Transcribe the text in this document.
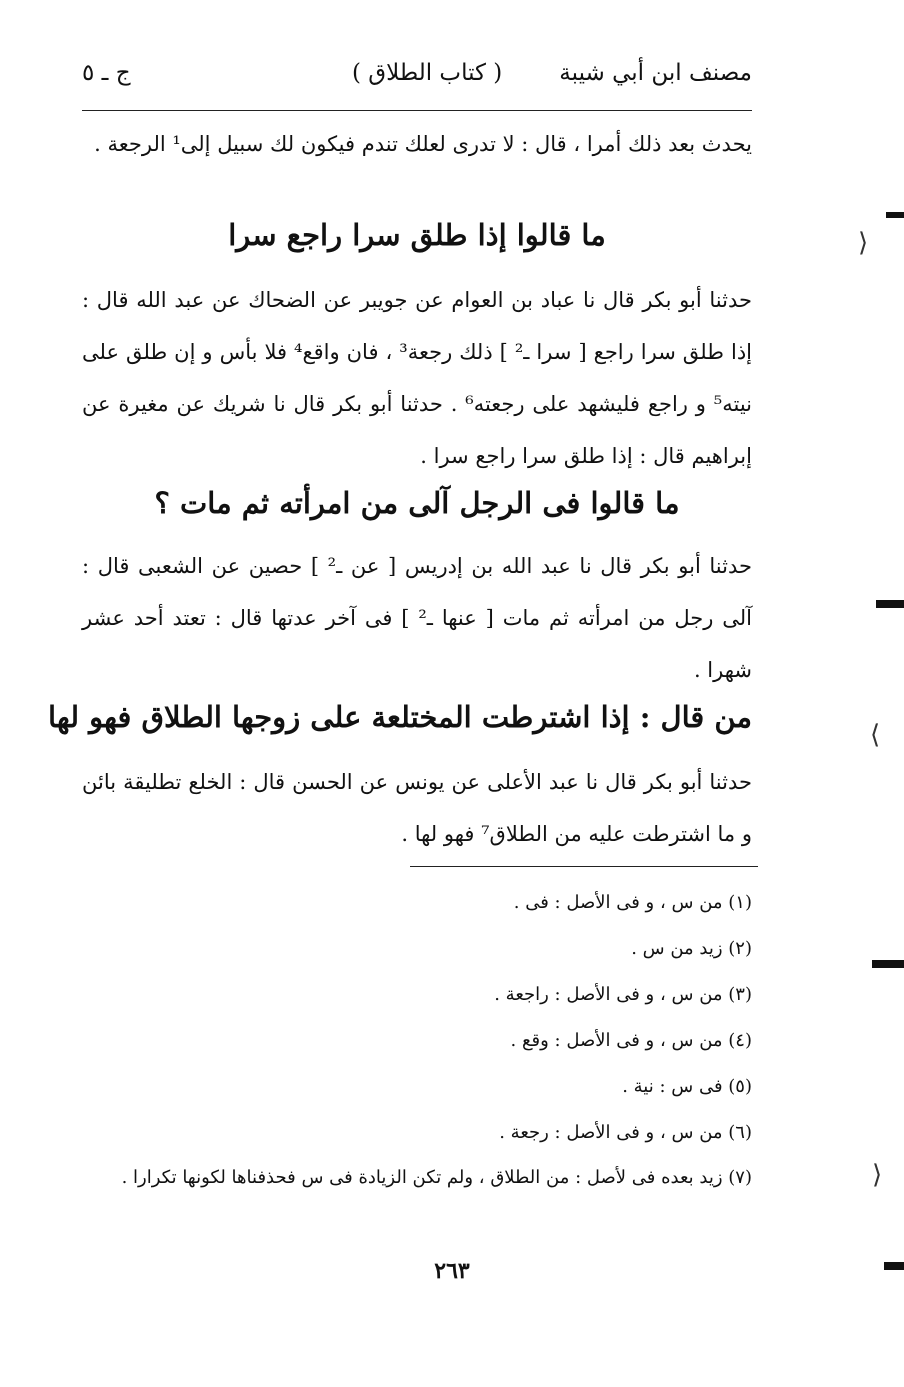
مصنف ابن أبي شيبة
( كتاب الطلاق )
ج ـ ٥
يحدث بعد ذلك أمرا ، قال : لا تدرى لعلك تندم فيكون لك سبيل إلى¹ الرجعة .
ما قالوا إذا طلق سرا راجع سرا
حدثنا أبو بكر قال نا عباد بن العوام عن جويبر عن الضحاك عن عبد الله قال : إذا طلق سرا راجع [ سرا ـ² ] ذلك رجعة³ ، فان واقع⁴ فلا بأس و إن طلق على نيته⁵ و راجع فليشهد على رجعته⁶ . حدثنا أبو بكر قال نا شريك عن مغيرة عن إبراهيم قال : إذا طلق سرا راجع سرا .
ما قالوا فى الرجل آلى من امرأته ثم مات ؟
حدثنا أبو بكر قال نا عبد الله بن إدريس [ عن ـ² ] حصين عن الشعبى قال : آلى رجل من امرأته ثم مات [ عنها ـ² ] فى آخر عدتها قال : تعتد أحد عشر شهرا .
من قال : إذا اشترطت المختلعة على زوجها الطلاق فهو لها
حدثنا أبو بكر قال نا عبد الأعلى عن يونس عن الحسن قال : الخلع تطليقة بائن و ما اشترطت عليه من الطلاق⁷ فهو لها .
(١) من س ، و فى الأصل : فى .
(٢) زيد من س .
(٣) من س ، و فى الأصل : راجعة .
(٤) من س ، و فى الأصل : وقع .
(٥) فى س : نية .
(٦) من س ، و فى الأصل : رجعة .
(٧) زيد بعده فى لأصل : من الطلاق ، ولم تكن الزيادة فى س فحذفناها لكونها تكرارا .
٢٦٣
⟩
⟨
⟩
